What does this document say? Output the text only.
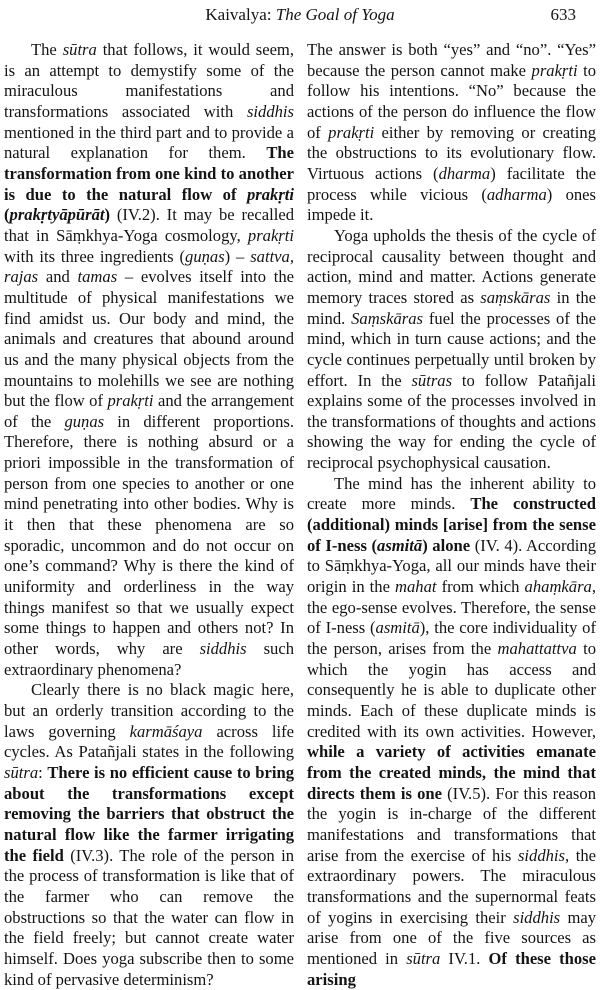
Kaivalya: The Goal of Yoga	633

The sūtra that follows, it would seem, is an attempt to demystify some of the miraculous manifestations and transformations associated with siddhis mentioned in the third part and to provide a natural explanation for them. The transformation from one kind to another is due to the natural flow of prakṛti (prakṛtyāpūrāt) (IV.2). It may be recalled that in Sāṃkhya-Yoga cosmology, prakṛti with its three ingredients (guṇas) – sattva, rajas and tamas – evolves itself into the multitude of physical manifestations we find amidst us. Our body and mind, the animals and creatures that abound around us and the many physical objects from the mountains to molehills we see are nothing but the flow of prakṛti and the arrangement of the guṇas in different proportions. Therefore, there is nothing absurd or a priori impossible in the transformation of person from one species to another or one mind penetrating into other bodies. Why is it then that these phenomena are so sporadic, uncommon and do not occur on one’s command? Why is there the kind of uniformity and orderliness in the way things manifest so that we usually expect some things to happen and others not? In other words, why are siddhis such extraordinary phenomena?

Clearly there is no black magic here, but an orderly transition according to the laws governing karmāśaya across life cycles. As Patañjali states in the following sūtra: There is no efficient cause to bring about the transformations except removing the barriers that obstruct the natural flow like the farmer irrigating the field (IV.3). The role of the person in the process of transformation is like that of the farmer who can remove the obstructions so that the water can flow in the field freely; but cannot create water himself. Does yoga subscribe then to some kind of pervasive determinism?

The answer is both “yes” and “no”. “Yes” because the person cannot make prakṛti to follow his intentions. “No” because the actions of the person do influence the flow of prakṛti either by removing or creating the obstructions to its evolutionary flow. Virtuous actions (dharma) facilitate the process while vicious (adharma) ones impede it.

Yoga upholds the thesis of the cycle of reciprocal causality between thought and action, mind and matter. Actions generate memory traces stored as saṃskāras in the mind. Saṃskāras fuel the processes of the mind, which in turn cause actions; and the cycle continues perpetually until broken by effort. In the sūtras to follow Patañjali explains some of the processes involved in the transformations of thoughts and actions showing the way for ending the cycle of reciprocal psychophysical causation.

The mind has the inherent ability to create more minds. The constructed (additional) minds [arise] from the sense of I-ness (asmitā) alone (IV. 4). According to Sāṃkhya-Yoga, all our minds have their origin in the mahat from which ahaṃkāra, the ego-sense evolves. Therefore, the sense of I-ness (asmitā), the core individuality of the person, arises from the mahattattva to which the yogin has access and consequently he is able to duplicate other minds. Each of these duplicate minds is credited with its own activities. However, while a variety of activities emanate from the created minds, the mind that directs them is one (IV.5). For this reason the yogin is in-charge of the different manifestations and transformations that arise from the exercise of his siddhis, the extraordinary powers. The miraculous transformations and the supernormal feats of yogins in exercising their siddhis may arise from one of the five sources as mentioned in sūtra IV.1. Of these those arising
